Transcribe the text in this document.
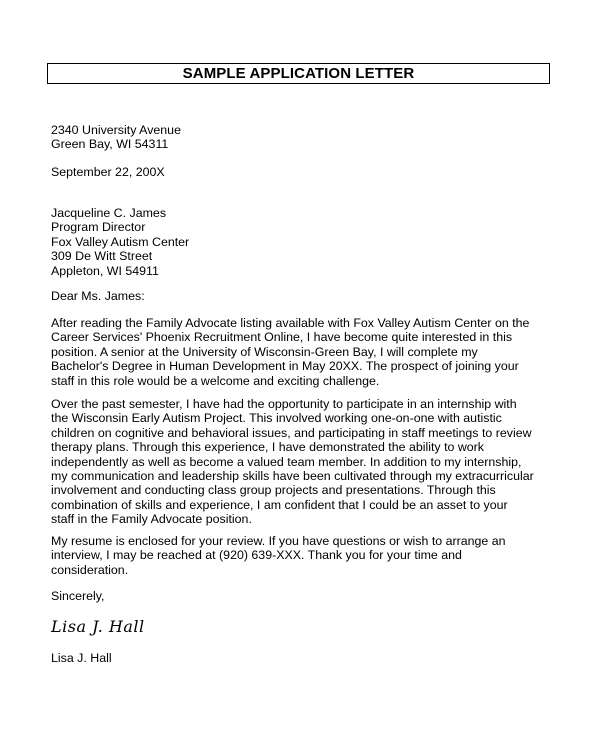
SAMPLE APPLICATION LETTER
2340 University Avenue
Green Bay, WI 54311
September 22, 200X
Jacqueline C. James
Program Director
Fox Valley Autism Center
309 De Witt Street
Appleton, WI 54911
Dear Ms. James:
After reading the Family Advocate listing available with Fox Valley Autism Center on the
Career Services' Phoenix Recruitment Online, I have become quite interested in this
position. A senior at the University of Wisconsin-Green Bay, I will complete my
Bachelor's Degree in Human Development in May 20XX. The prospect of joining your
staff in this role would be a welcome and exciting challenge.
Over the past semester, I have had the opportunity to participate in an internship with
the Wisconsin Early Autism Project. This involved working one-on-one with autistic
children on cognitive and behavioral issues, and participating in staff meetings to review
therapy plans. Through this experience, I have demonstrated the ability to work
independently as well as become a valued team member. In addition to my internship,
my communication and leadership skills have been cultivated through my extracurricular
involvement and conducting class group projects and presentations. Through this
combination of skills and experience, I am confident that I could be an asset to your
staff in the Family Advocate position.
My resume is enclosed for your review. If you have questions or wish to arrange an
interview, I may be reached at (920) 639-XXX. Thank you for your time and
consideration.
Sincerely,
Lisa J. Hall
Lisa J. Hall
